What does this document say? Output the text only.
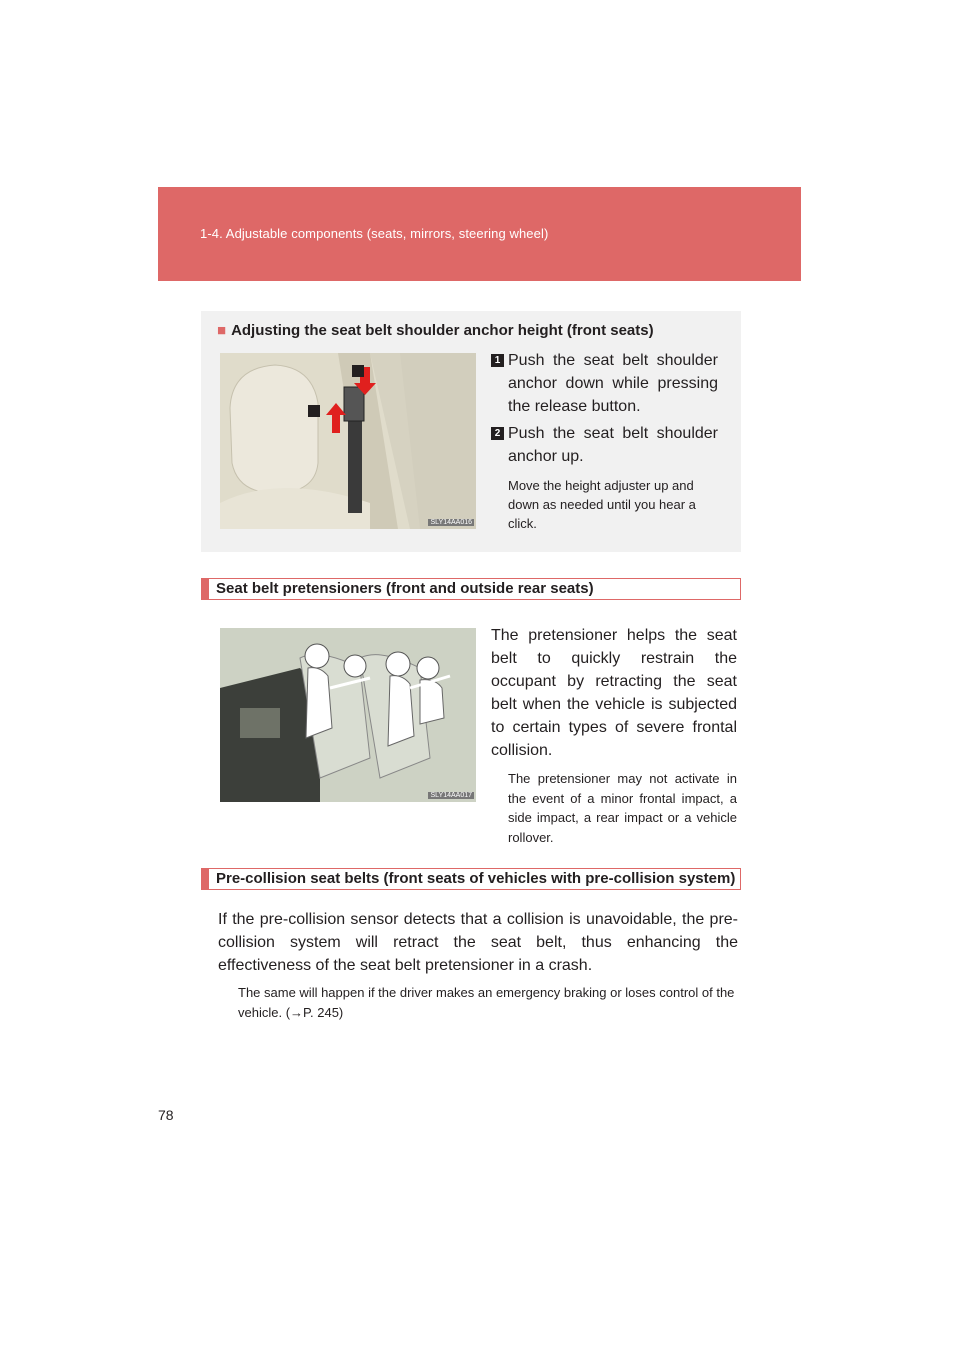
1-4. Adjustable components (seats, mirrors, steering wheel)
■ Adjusting the seat belt shoulder anchor height (front seats)
SLY14AA016
1 Push the seat belt shoulder anchor down while pressing the release button.
2 Push the seat belt shoulder anchor up.
Move the height adjuster up and down as needed until you hear a click.
Seat belt pretensioners (front and outside rear seats)
SLY14AA017
The pretensioner helps the seat belt to quickly restrain the occupant by retracting the seat belt when the vehicle is subjected to certain types of severe frontal collision.
The pretensioner may not activate in the event of a minor frontal impact, a side impact, a rear impact or a vehicle rollover.
Pre-collision seat belts (front seats of vehicles with pre-collision system)
If the pre-collision sensor detects that a collision is unavoidable, the pre-collision system will retract the seat belt, thus enhancing the effectiveness of the seat belt pretensioner in a crash.
The same will happen if the driver makes an emergency braking or loses control of the vehicle. (→P. 245)
78
